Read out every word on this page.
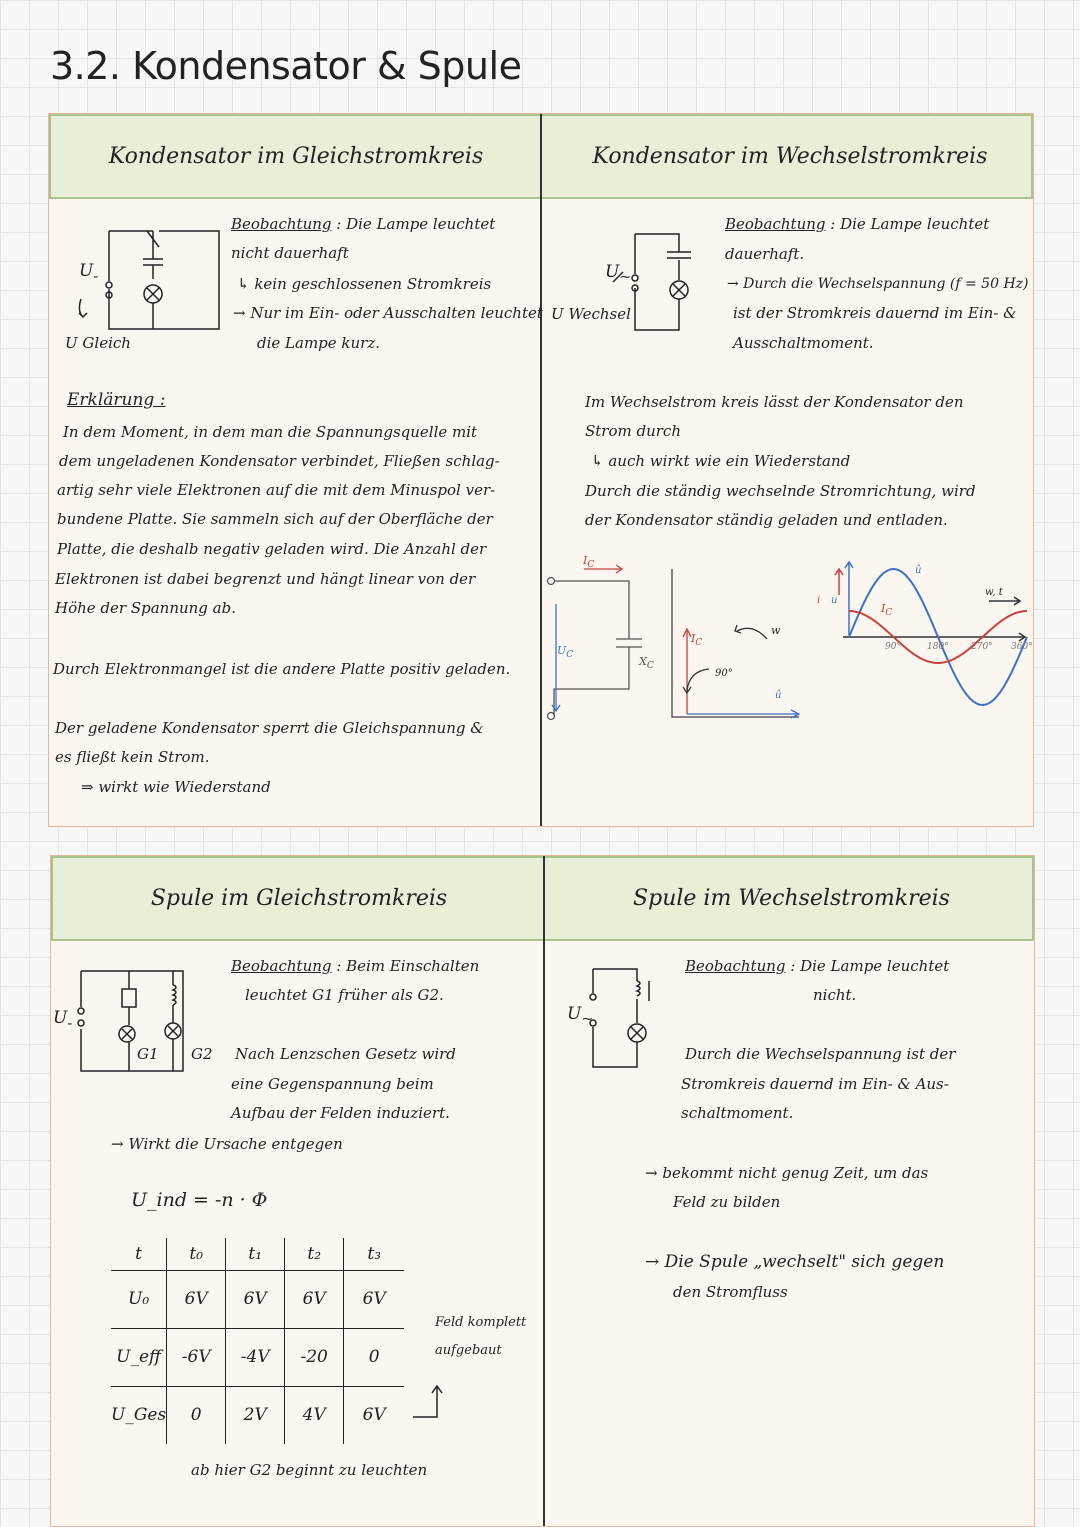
3.2. Kondensator & Spule
Kondensator im Gleichstromkreis	Kondensator im Wechselstromkreis
$U_-$
U Gleich
Beobachtung : Die Lampe leuchtet
nicht dauerhaft
↳ kein geschlossenen Stromkreis
→ Nur im Ein- oder Ausschalten leuchtet
die Lampe kurz.
Erklärung :
In dem Moment, in dem man die Spannungsquelle mit
dem ungeladenen Kondensator verbindet, Fließen schlag-
artig sehr viele Elektronen auf die mit dem Minuspol ver-
bundene Platte. Sie sammeln sich auf der Oberfläche der
Platte, die deshalb negativ geladen wird. Die Anzahl der
Elektronen ist dabei begrenzt und hängt linear von der
Höhe der Spannung ab.
Durch Elektronmangel ist die andere Platte positiv geladen.
Der geladene Kondensator sperrt die Gleichspannung &
es fließt kein Strom.
⇒ wirkt wie Wiederstand
$U_\sim$
U Wechsel
Beobachtung : Die Lampe leuchtet
dauerhaft.
→ Durch die Wechselspannung (f = 50 Hz)
ist der Stromkreis dauernd im Ein- &
Ausschaltmoment.
Im Wechselstrom kreis lässt der Kondensator den
Strom durch
↳ auch wirkt wie ein Wiederstand
Durch die ständig wechselnde Stromrichtung, wird
der Kondensator ständig geladen und entladen.
$I_C$
$U_C$
$X_C$
$I_C$
w
90°
û
i u
û
$I_C$
w, t
90°	180° 270° 360°
Spule im Gleichstromkreis	Spule im Wechselstromkreis
$U_-$
G1 G2
Beobachtung : Beim Einschalten
leuchtet G1 früher als G2.
Nach Lenzschen Gesetz wird
eine Gegenspannung beim
Aufbau der Felden induziert.
→ Wirkt die Ursache entgegen
U_ind = -n · Φ
t	t₀	t₁	t₂	t₃
U₀	6V	6V	6V	6V
U_eff	-6V	-4V	-20	0
U_Ges	0	2V	4V	6V
Feld komplett
aufgebaut
ab hier G2 beginnt zu leuchten
$U_\sim$
Beobachtung : Die Lampe leuchtet
nicht.
Durch die Wechselspannung ist der
Stromkreis dauernd im Ein- & Aus-
schaltmoment.
→ bekommt nicht genug Zeit, um das
Feld zu bilden
→ Die Spule „wechselt" sich gegen
den Stromfluss
